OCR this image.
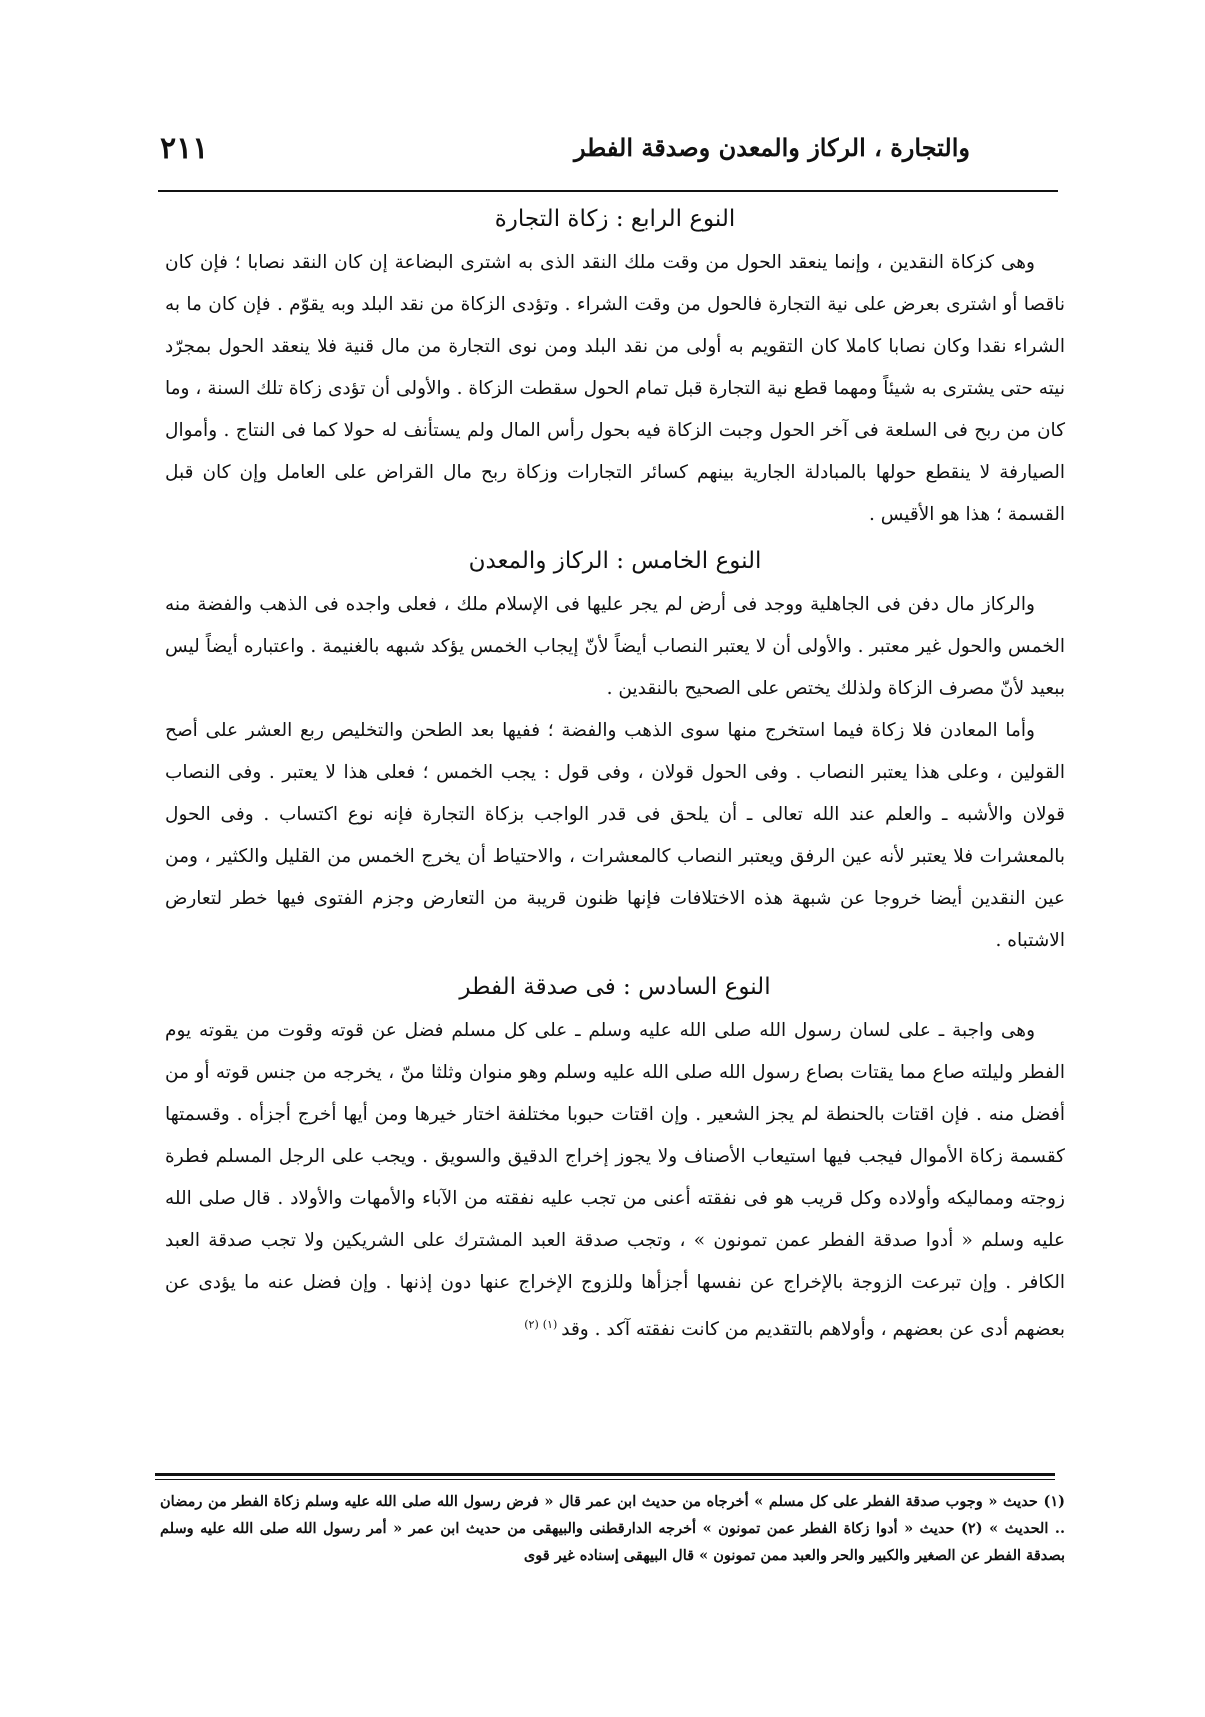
والتجارة ، الركاز والمعدن وصدقة الفطر
٢١١
النوع الرابع : زكاة التجارة

وهى كزكاة النقدين ، وإنما ينعقد الحول من وقت ملك النقد الذى به اشترى البضاعة إن كان النقد نصابا ؛ فإن كان ناقصا أو اشترى بعرض على نية التجارة فالحول من وقت الشراء . وتؤدى الزكاة من نقد البلد وبه يقوّم . فإن كان ما به الشراء نقدا وكان نصابا كاملا كان التقويم به أولى من نقد البلد ومن نوى التجارة من مال قنية فلا ينعقد الحول بمجرّد نيته حتى يشترى به شيئاً ومهما قطع نية التجارة قبل تمام الحول سقطت الزكاة . والأولى أن تؤدى زكاة تلك السنة ، وما كان من ربح فى السلعة فى آخر الحول وجبت الزكاة فيه بحول رأس المال ولم يستأنف له حولا كما فى النتاج . وأموال الصيارفة لا ينقطع حولها بالمبادلة الجارية بينهم كسائر التجارات وزكاة ربح مال القراض على العامل وإن كان قبل القسمة ؛ هذا هو الأقيس .

النوع الخامس : الركاز والمعدن

والركاز مال دفن فى الجاهلية ووجد فى أرض لم يجر عليها فى الإسلام ملك ، فعلى واجده فى الذهب والفضة منه الخمس والحول غير معتبر . والأولى أن لا يعتبر النصاب أيضاً لأنّ إيجاب الخمس يؤكد شبهه بالغنيمة . واعتباره أيضاً ليس ببعيد لأنّ مصرف الزكاة ولذلك يختص على الصحيح بالنقدين .

وأما المعادن فلا زكاة فيما استخرج منها سوى الذهب والفضة ؛ ففيها بعد الطحن والتخليص ربع العشر على أصح القولين ، وعلى هذا يعتبر النصاب . وفى الحول قولان ، وفى قول : يجب الخمس ؛ فعلى هذا لا يعتبر . وفى النصاب قولان والأشبه ـ والعلم عند الله تعالى ـ أن يلحق فى قدر الواجب بزكاة التجارة فإنه نوع اكتساب . وفى الحول بالمعشرات فلا يعتبر لأنه عين الرفق ويعتبر النصاب كالمعشرات ، والاحتياط أن يخرج الخمس من القليل والكثير ، ومن عين النقدين أيضا خروجا عن شبهة هذه الاختلافات فإنها ظنون قريبة من التعارض وجزم الفتوى فيها خطر لتعارض الاشتباه .

النوع السادس : فى صدقة الفطر

وهى واجبة ـ على لسان رسول الله صلى الله عليه وسلم ـ على كل مسلم فضل عن قوته وقوت من يقوته يوم الفطر وليلته صاع مما يقتات بصاع رسول الله صلى الله عليه وسلم وهو منوان وثلثا منّ ، يخرجه من جنس قوته أو من أفضل منه . فإن اقتات بالحنطة لم يجز الشعير . وإن اقتات حبوبا مختلفة اختار خيرها ومن أيها أخرج أجزأه . وقسمتها كقسمة زكاة الأموال فيجب فيها استيعاب الأصناف ولا يجوز إخراج الدقيق والسويق . ويجب على الرجل المسلم فطرة زوجته ومماليكه وأولاده وكل قريب هو فى نفقته أعنى من تجب عليه نفقته من الآباء والأمهات والأولاد . قال صلى الله عليه وسلم « أدوا صدقة الفطر عمن تمونون » ، وتجب صدقة العبد المشترك على الشريكين ولا تجب صدقة العبد الكافر . وإن تبرعت الزوجة بالإخراج عن نفسها أجزأها وللزوج الإخراج عنها دون إذنها . وإن فضل عنه ما يؤدى عن بعضهم أدى عن بعضهم ، وأولاهم بالتقديم من كانت نفقته آكد . وقد$^{(١)(٢)}$

(١) حديث « وجوب صدقة الفطر على كل مسلم » أخرجاه من حديث ابن عمر قال « فرض رسول الله صلى الله عليه وسلم زكاة الفطر من رمضان .. الحديث » (٢) حديث « أدوا زكاة الفطر عمن تمونون » أخرجه الدارقطنى والبيهقى من حديث ابن عمر « أمر رسول الله صلى الله عليه وسلم بصدقة الفطر عن الصغير والكبير والحر والعبد ممن تمونون » قال البيهقى إسناده غير قوى
